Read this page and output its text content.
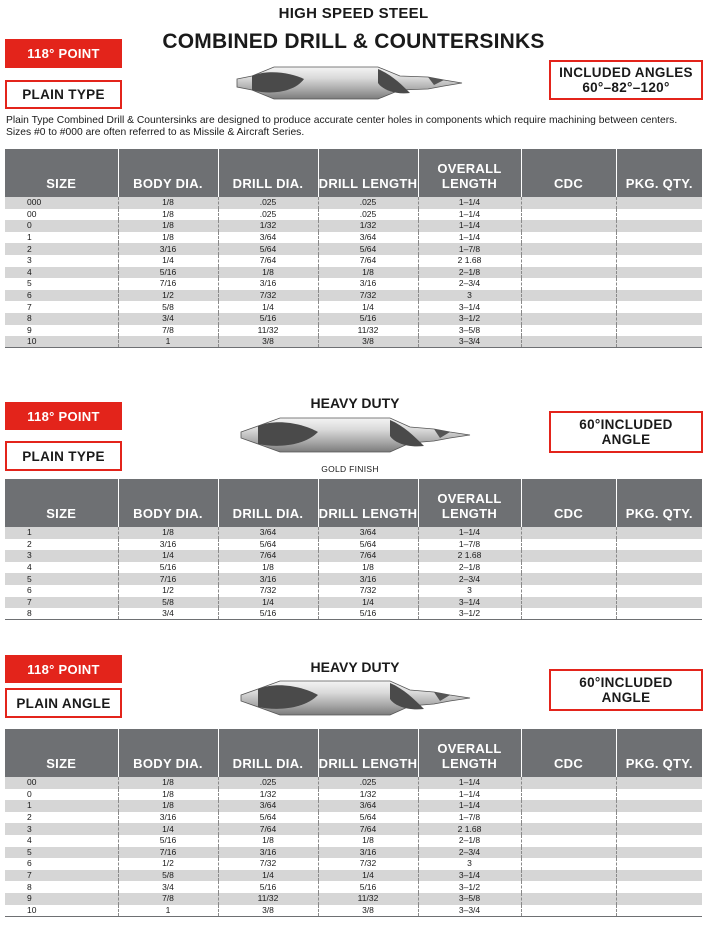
HIGH SPEED STEEL
COMBINED DRILL & COUNTERSINKS
118° POINT
PLAIN TYPE
INCLUDED ANGLES
60°–82°–120°
Plain Type Combined Drill & Countersinks are designed to produce accurate center holes in components which require machining between centers. Sizes #0 to #000 are often referred to as Missile & Aircraft Series.
SIZE	BODY DIA.	DRILL DIA.	DRILL LENGTH	OVERALL LENGTH	CDC	PKG. QTY.
000	1/8	.025	.025	1–1/4		
00	1/8	.025	.025	1–1/4		
0	1/8	1/32	1/32	1–1/4		
1	1/8	3/64	3/64	1–1/4		
2	3/16	5/64	5/64	1–7/8		
3	1/4	7/64	7/64	2 1.68		
4	5/16	1/8	1/8	2–1/8		
5	7/16	3/16	3/16	2–3/4		
6	1/2	7/32	7/32	3		
7	5/8	1/4	1/4	3–1/4		
8	3/4	5/16	5/16	3–1/2		
9	7/8	11/32	11/32	3–5/8		
10	1	3/8	3/8	3–3/4		
118° POINT
PLAIN TYPE
HEAVY DUTY
GOLD FINISH
60°INCLUDED
ANGLE
SIZE	BODY DIA.	DRILL DIA.	DRILL LENGTH	OVERALL LENGTH	CDC	PKG. QTY.
1	1/8	3/64	3/64	1–1/4		
2	3/16	5/64	5/64	1–7/8		
3	1/4	7/64	7/64	2 1.68		
4	5/16	1/8	1/8	2–1/8		
5	7/16	3/16	3/16	2–3/4		
6	1/2	7/32	7/32	3		
7	5/8	1/4	1/4	3–1/4		
8	3/4	5/16	5/16	3–1/2		
118° POINT
PLAIN ANGLE
HEAVY DUTY
60°INCLUDED
ANGLE
SIZE	BODY DIA.	DRILL DIA.	DRILL LENGTH	OVERALL LENGTH	CDC	PKG. QTY.
00	1/8	.025	.025	1–1/4		
0	1/8	1/32	1/32	1–1/4		
1	1/8	3/64	3/64	1–1/4		
2	3/16	5/64	5/64	1–7/8		
3	1/4	7/64	7/64	2 1.68		
4	5/16	1/8	1/8	2–1/8		
5	7/16	3/16	3/16	2–3/4		
6	1/2	7/32	7/32	3		
7	5/8	1/4	1/4	3–1/4		
8	3/4	5/16	5/16	3–1/2		
9	7/8	11/32	11/32	3–5/8		
10	1	3/8	3/8	3–3/4		
